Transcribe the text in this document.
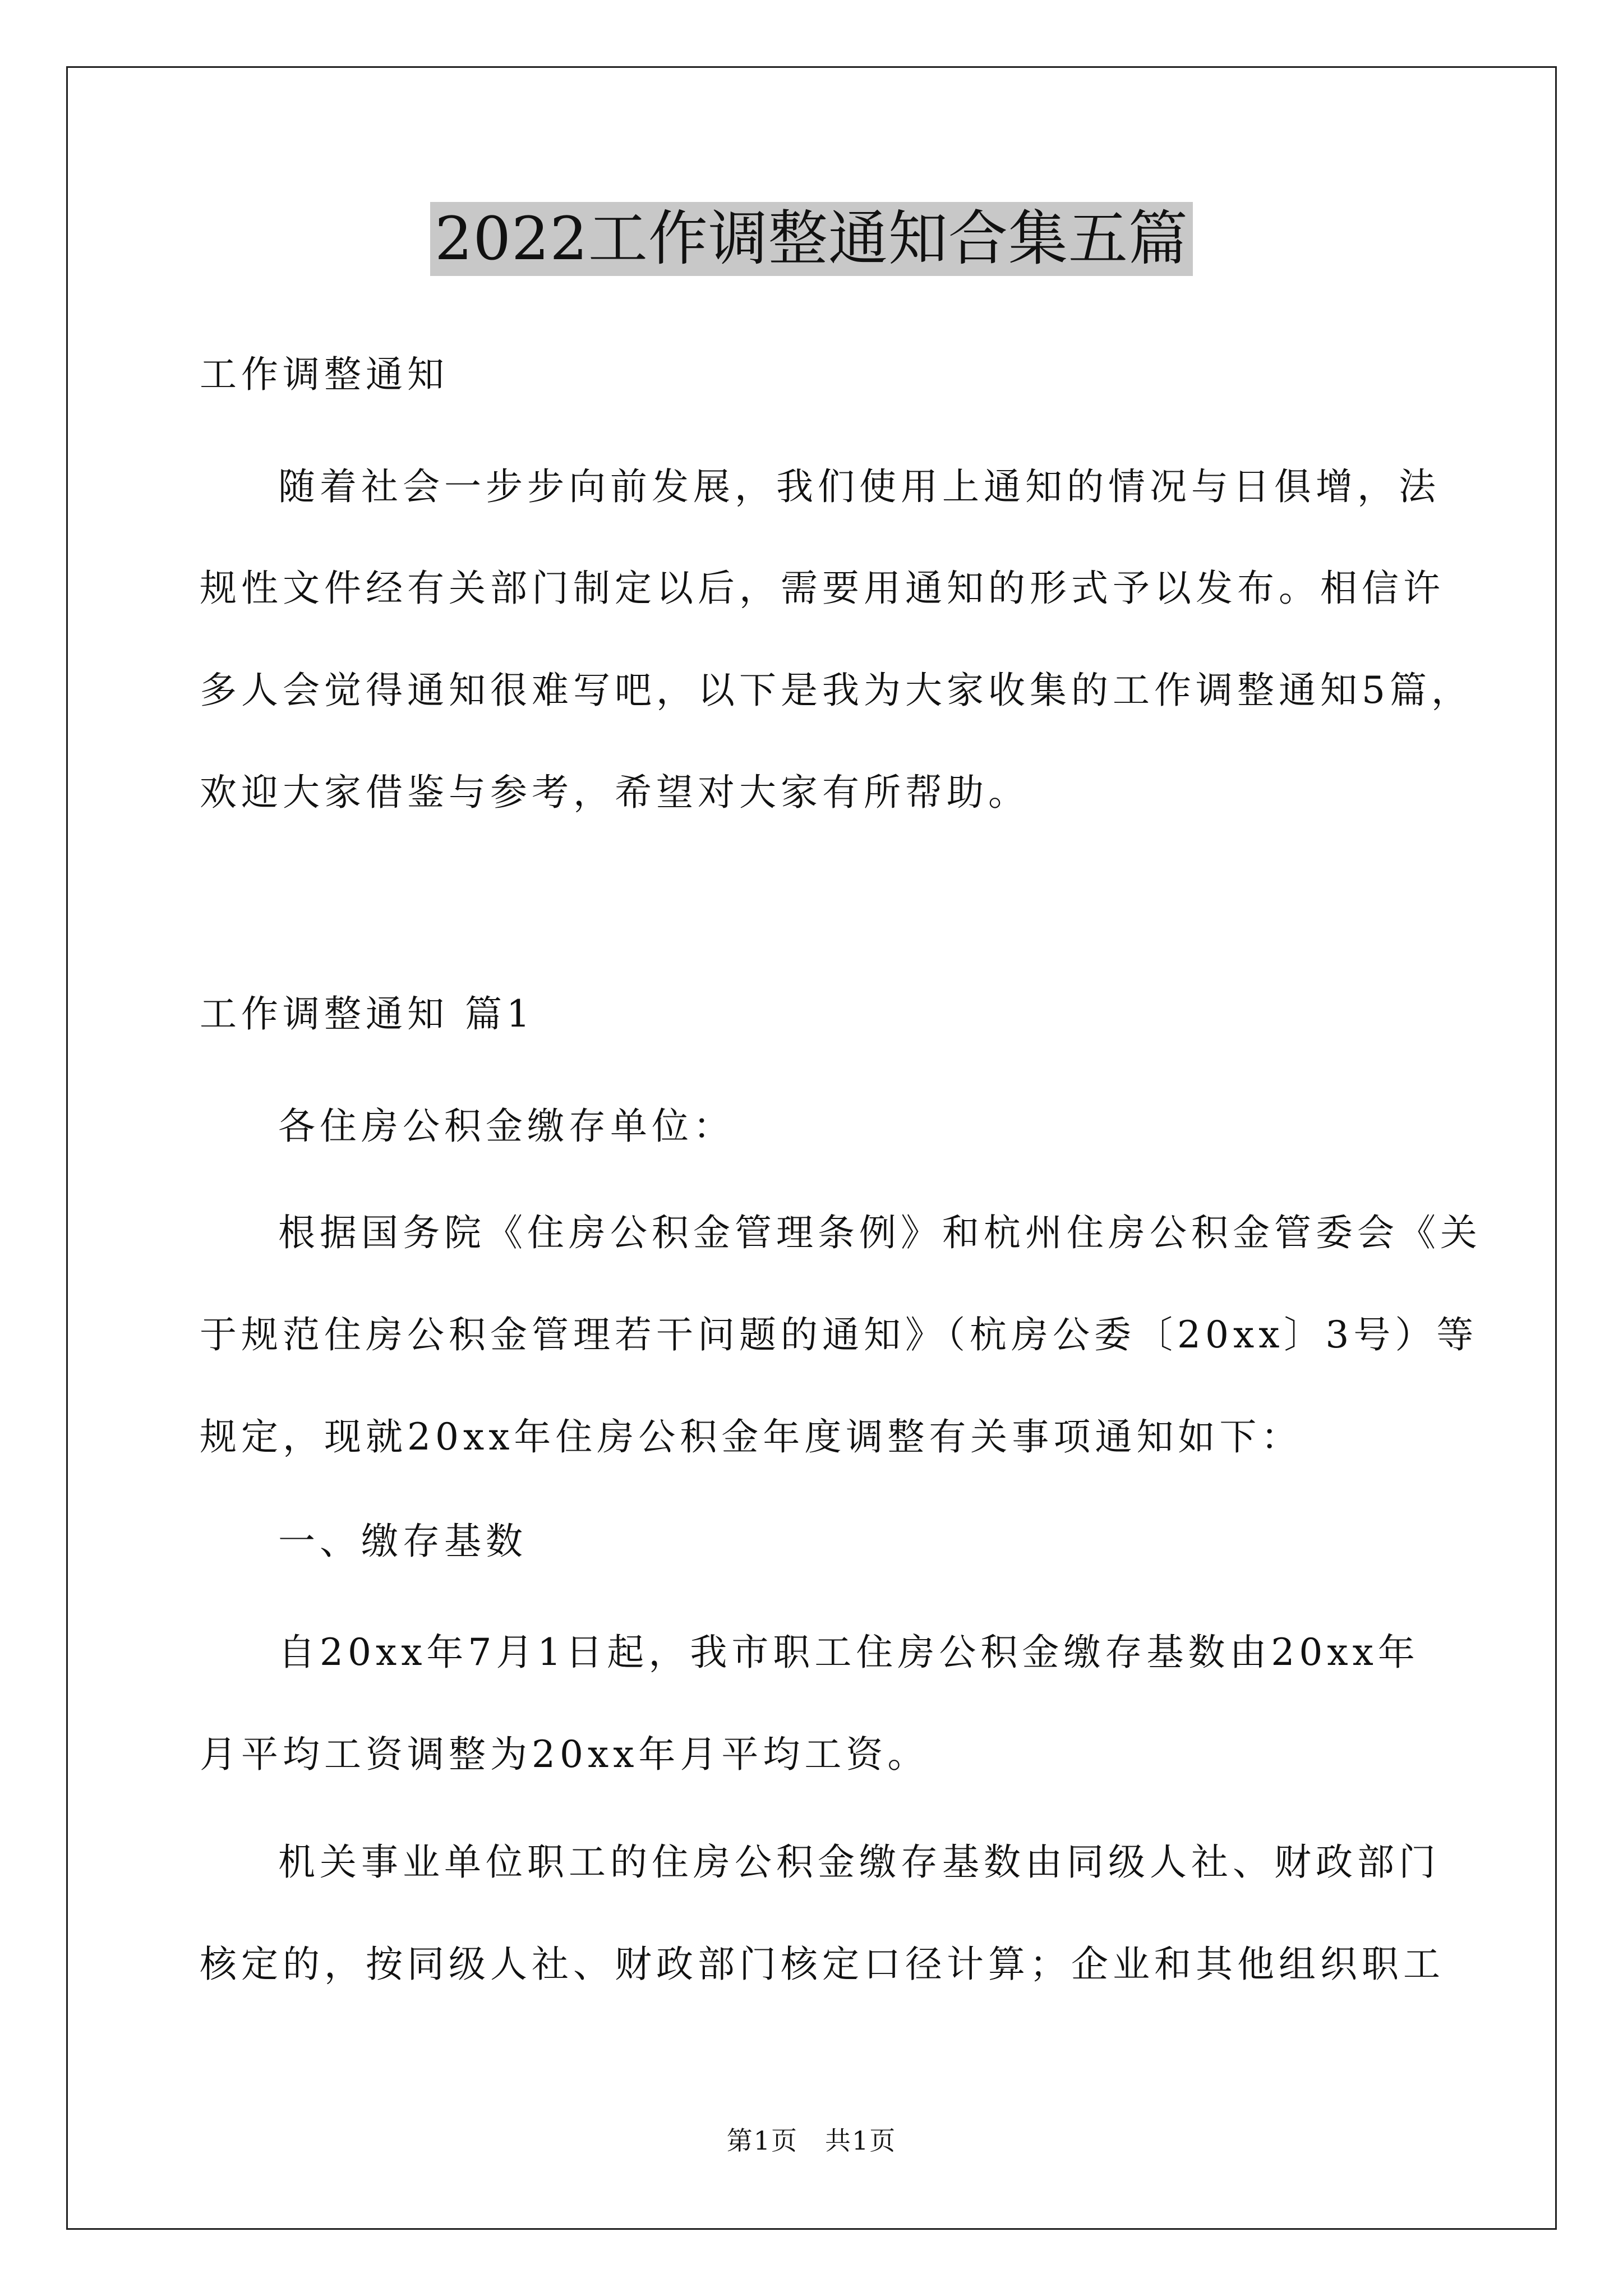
2022工作调整通知合集五篇
工作调整通知
随着社会一步步向前发展，我们使用上通知的情况与日俱增，法
规性文件经有关部门制定以后，需要用通知的形式予以发布。相信许
多人会觉得通知很难写吧，以下是我为大家收集的工作调整通知5篇，
欢迎大家借鉴与参考，希望对大家有所帮助。
工作调整通知 篇1
各住房公积金缴存单位：
根据国务院《住房公积金管理条例》和杭州住房公积金管委会《关
于规范住房公积金管理若干问题的通知》（杭房公委〔20xx〕3号）等
规定，现就20xx年住房公积金年度调整有关事项通知如下：
一、缴存基数
自20xx年7月1日起，我市职工住房公积金缴存基数由20xx年
月平均工资调整为20xx年月平均工资。
机关事业单位职工的住房公积金缴存基数由同级人社、财政部门
核定的，按同级人社、财政部门核定口径计算；企业和其他组织职工
第1页　共1页
